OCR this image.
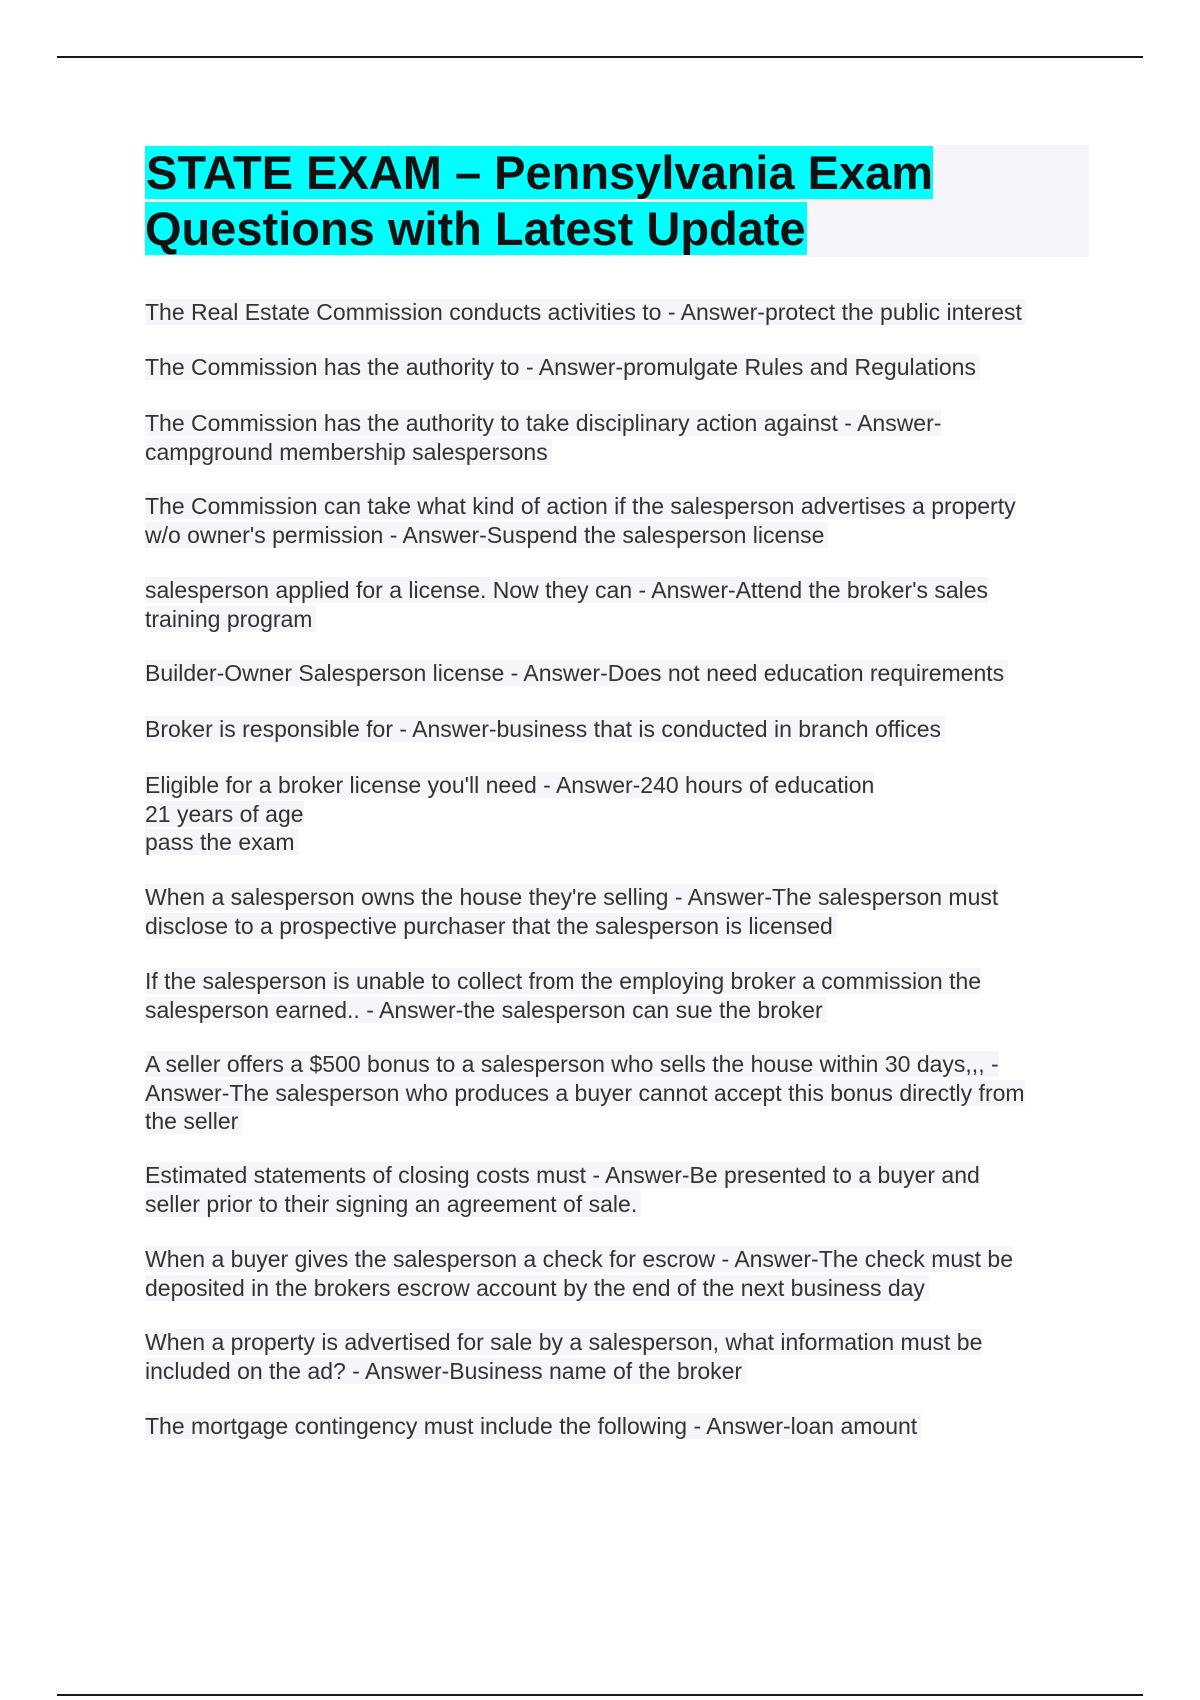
STATE EXAM – Pennsylvania Exam Questions with Latest Update
The Real Estate Commission conducts activities to - Answer-protect the public interest
The Commission has the authority to - Answer-promulgate Rules and Regulations
The Commission has the authority to take disciplinary action against - Answer-
campground membership salespersons
The Commission can take what kind of action if the salesperson advertises a property
w/o owner's permission - Answer-Suspend the salesperson license
salesperson applied for a license. Now they can - Answer-Attend the broker's sales
training program
Builder-Owner Salesperson license - Answer-Does not need education requirements
Broker is responsible for - Answer-business that is conducted in branch offices
Eligible for a broker license you'll need - Answer-240 hours of education
21 years of age
pass the exam
When a salesperson owns the house they're selling - Answer-The salesperson must
disclose to a prospective purchaser that the salesperson is licensed
If the salesperson is unable to collect from the employing broker a commission the
salesperson earned.. - Answer-the salesperson can sue the broker
A seller offers a $500 bonus to a salesperson who sells the house within 30 days,,, -
Answer-The salesperson who produces a buyer cannot accept this bonus directly from
the seller
Estimated statements of closing costs must - Answer-Be presented to a buyer and
seller prior to their signing an agreement of sale.
When a buyer gives the salesperson a check for escrow - Answer-The check must be
deposited in the brokers escrow account by the end of the next business day
When a property is advertised for sale by a salesperson, what information must be
included on the ad? - Answer-Business name of the broker
The mortgage contingency must include the following - Answer-loan amount
